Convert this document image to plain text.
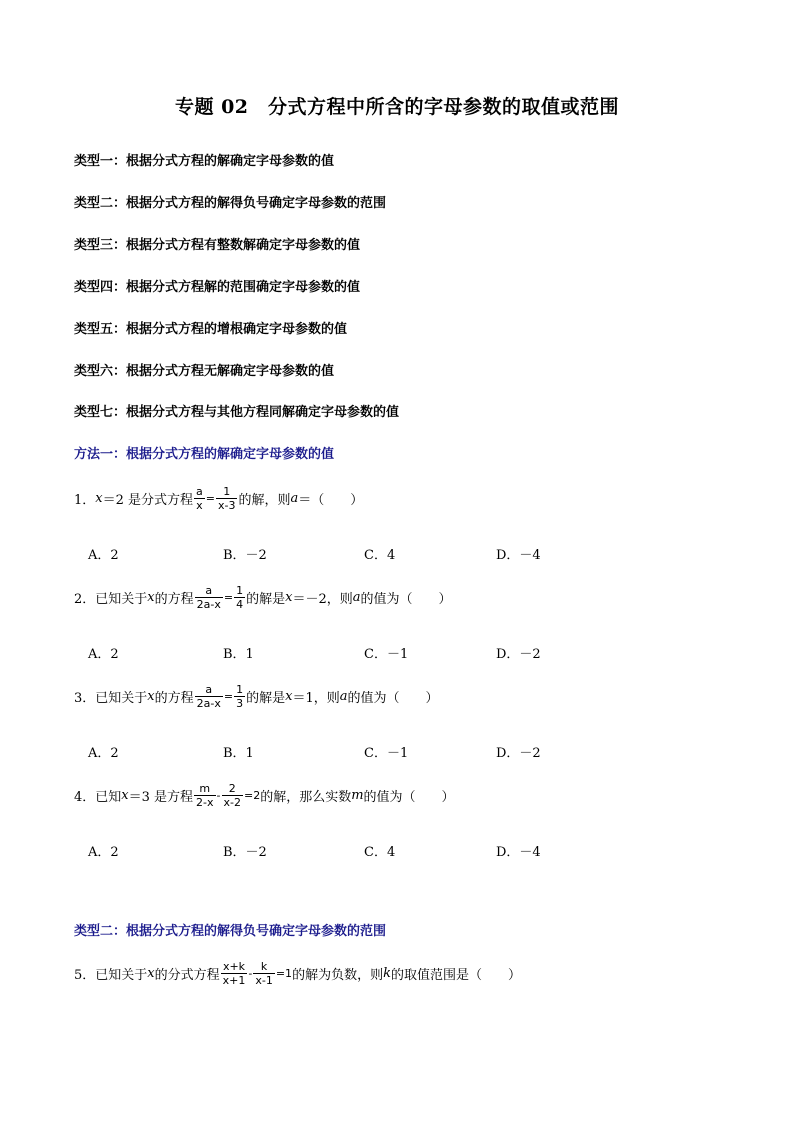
专题 02　分式方程中所含的字母参数的取值或范围
类型一：根据分式方程的解确定字母参数的值
类型二：根据分式方程的解得负号确定字母参数的范围
类型三：根据分式方程有整数解确定字母参数的值
类型四：根据分式方程解的范围确定字母参数的值
类型五：根据分式方程的增根确定字母参数的值
类型六：根据分式方程无解确定字母参数的值
类型七：根据分式方程与其他方程同解确定字母参数的值
方法一：根据分式方程的解确定字母参数的值
1． x ＝2 是分式方程 $\frac{a}{x} = \frac{1}{x-3}$ 的解，则 a ＝（　　）
A．2	B．－2	C．4	D．－4
2．已知关于 x 的方程 $\frac{a}{2a-x} = \frac{1}{4}$ 的解是 x ＝－2，则 a 的值为（　　）
A．2	B．1	C．－1	D．－2
3．已知关于 x 的方程 $\frac{a}{2a-x} = \frac{1}{3}$ 的解是 x ＝1，则 a 的值为（　　）
A．2	B．1	C．－1	D．－2
4．已知 x ＝3 是方程 $\frac{m}{2-x} - \frac{2}{x-2} =2$ 的解，那么实数 m 的值为（　　）
A．2	B．－2	C．4	D．－4
类型二：根据分式方程的解得负号确定字母参数的范围
5．已知关于 x 的分式方程 $\frac{x+k}{x+1} - \frac{k}{x-1} =1$ 的解为负数，则 k 的取值范围是（　　）
